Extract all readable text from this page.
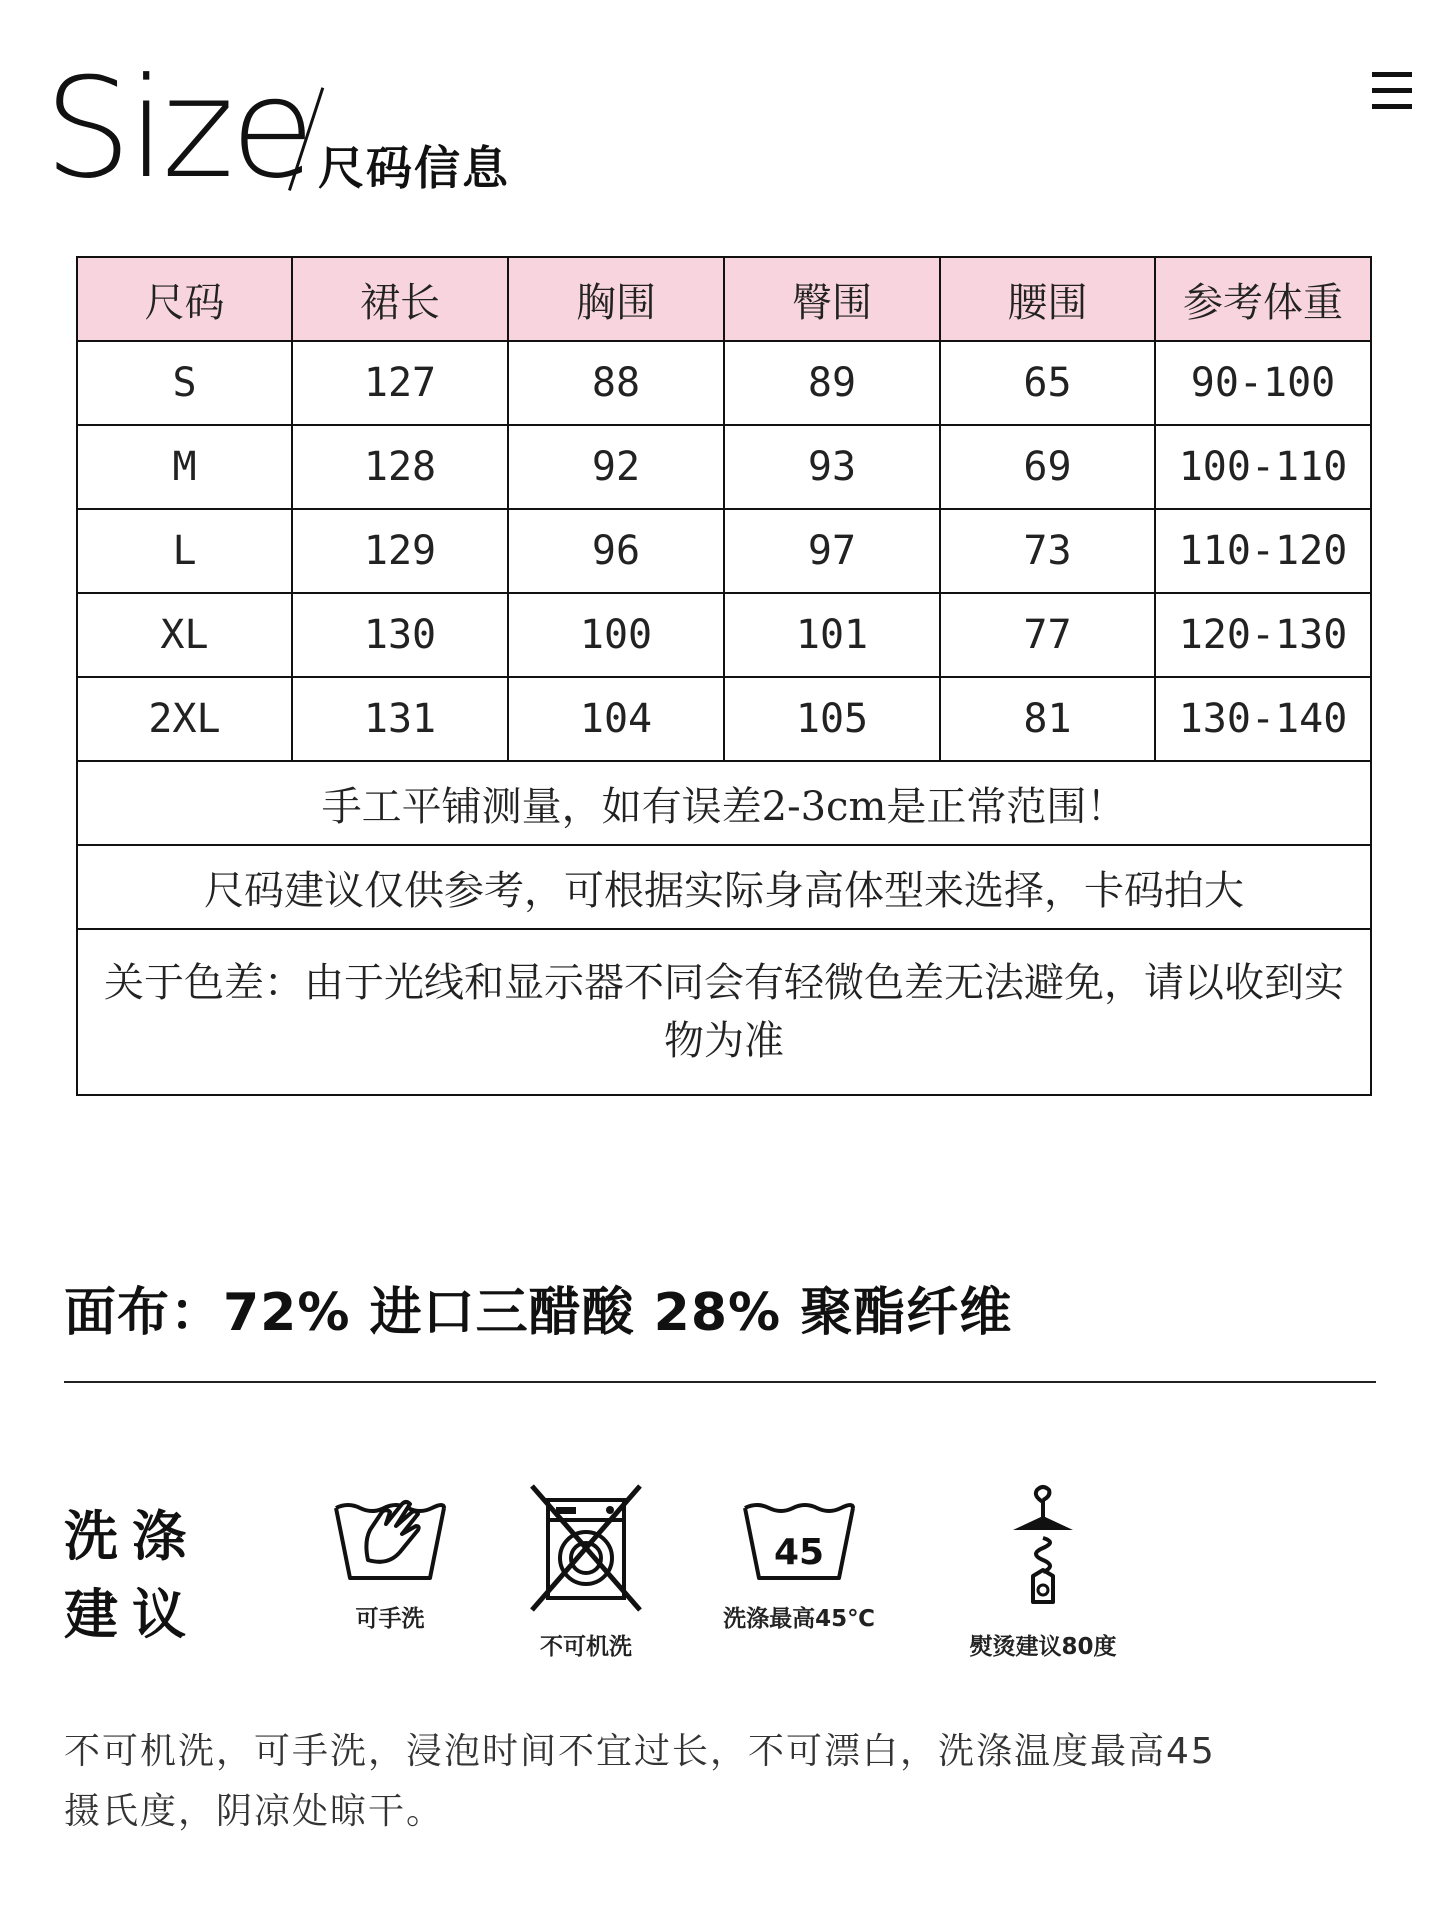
Size 尺码信息
尺码	裙长	胸围	臀围	腰围	参考体重
S	127	88	89	65	90-100
M	128	92	93	69	100-110
L	129	96	97	73	110-120
XL	130	100	101	77	120-130
2XL	131	104	105	81	130-140
手工平铺测量，如有误差2-3cm是正常范围！					
尺码建议仅供参考，可根据实际身高体型来选择，卡码拍大					
关于色差：由于光线和显示器不同会有轻微色差无法避免，请以收到实物为准					
面布：72% 进口三醋酸 28% 聚酯纤维
洗涤建议	可手洗
不可机洗
45
洗涤最高45℃
熨烫建议80度
不可机洗，可手洗，浸泡时间不宜过长，不可漂白，洗涤温度最高45摄氏度，阴凉处晾干。
